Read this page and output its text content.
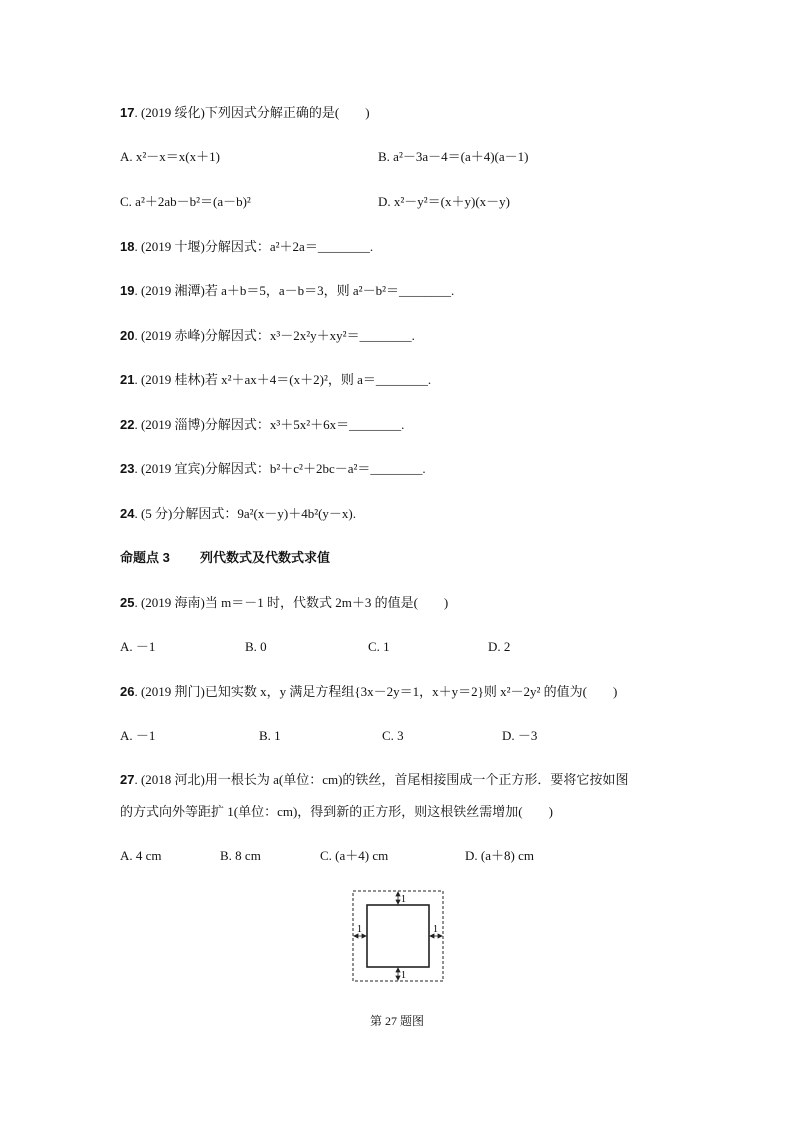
17. (2019 绥化)下列因式分解正确的是(　　)
A. x²－x＝x(x＋1)	B. a²－3a－4＝(a＋4)(a－1)
C. a²＋2ab－b²＝(a－b)²	D. x²－y²＝(x＋y)(x－y)
18. (2019 十堰)分解因式：a²＋2a＝________.
19. (2019 湘潭)若 a＋b＝5，a－b＝3，则 a²－b²＝________.
20. (2019 赤峰)分解因式：x³－2x²y＋xy²＝________.
21. (2019 桂林)若 x²＋ax＋4＝(x＋2)²，则 a＝________.
22. (2019 淄博)分解因式：x³＋5x²＋6x＝________.
23. (2019 宜宾)分解因式：b²＋c²＋2bc－a²＝________.
24. (5 分)分解因式：9a²(x－y)＋4b²(y－x).
命题点 3 列代数式及代数式求值
25. (2019 海南)当 m＝－1 时，代数式 2m＋3 的值是(　　)
A. －1	B. 0	C. 1	D. 2
26. (2019 荆门)已知实数 x，y 满足方程组{3x－2y＝1，x＋y＝2}则 x²－2y² 的值为(　　)
A. －1	B. 1	C. 3	D. －3
27. (2018 河北)用一根长为 a(单位：cm)的铁丝，首尾相接围成一个正方形．要将它按如图
的方式向外等距扩 1(单位：cm)，得到新的正方形，则这根铁丝需增加(　　)
A. 4 cm	B. 8 cm	C. (a＋4) cm	D. (a＋8) cm
1
1
1	1
第 27 题图
